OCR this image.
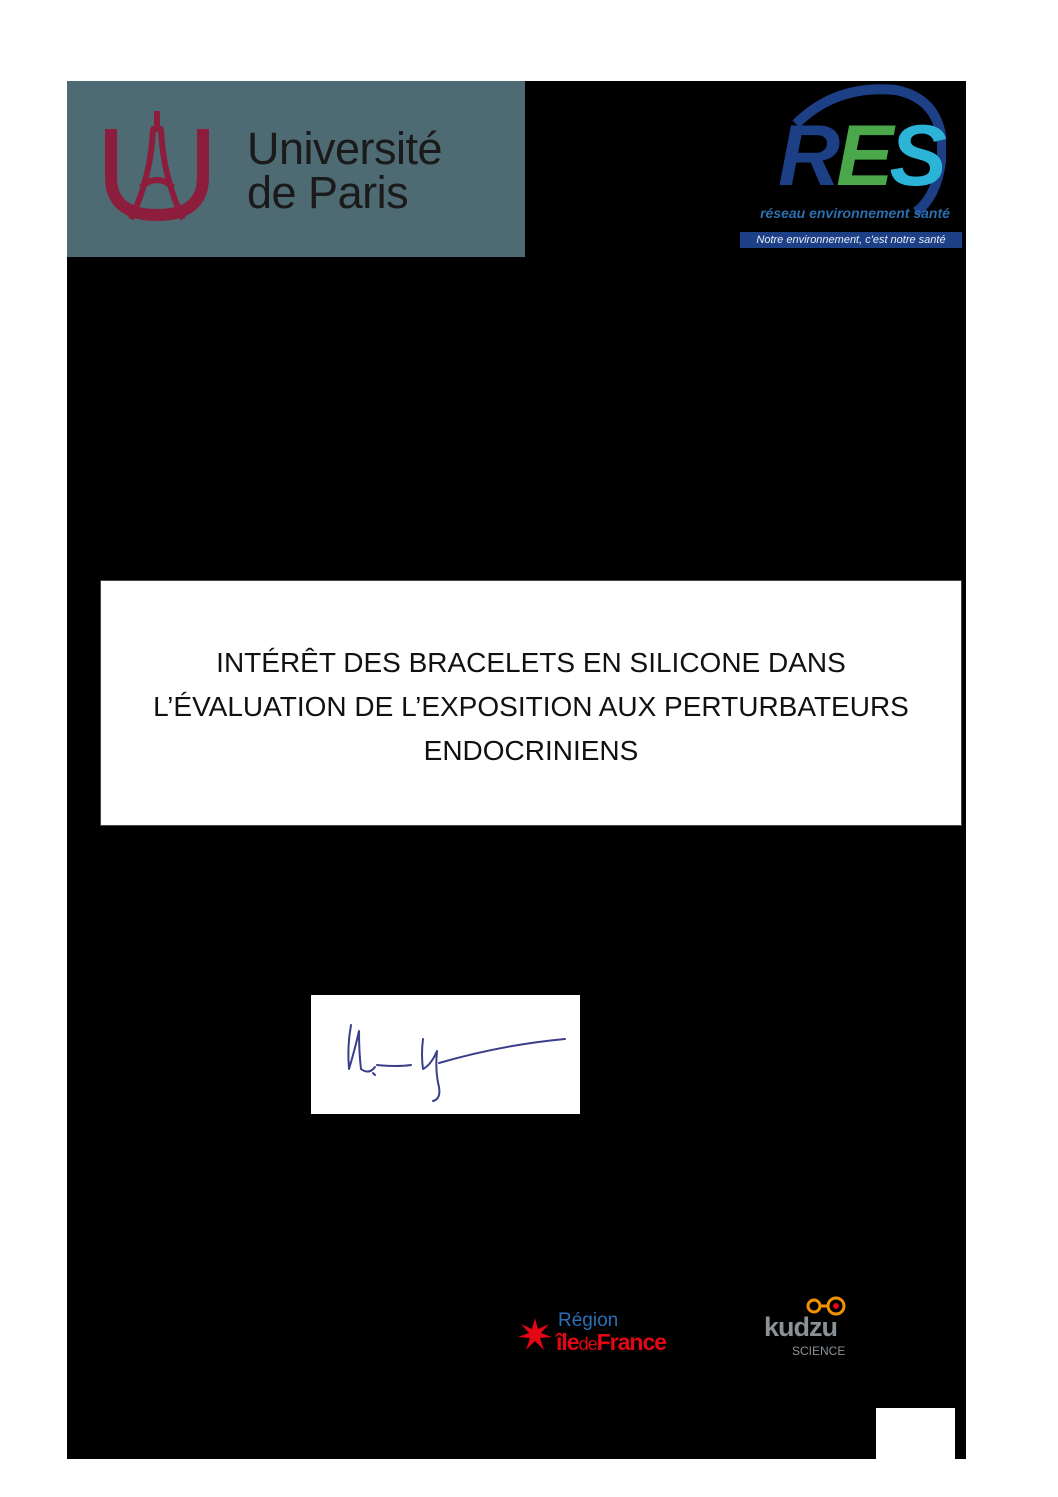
Université
de Paris	RES
réseau environnement santé
Notre environnement, c'est notre santé
INTÉRÊT DES BRACELETS EN SILICONE DANS
L’ÉVALUATION DE L’EXPOSITION AUX PERTURBATEURS
ENDOCRINIENS
Région
îledeFrance	kudzu
SCIENCE
